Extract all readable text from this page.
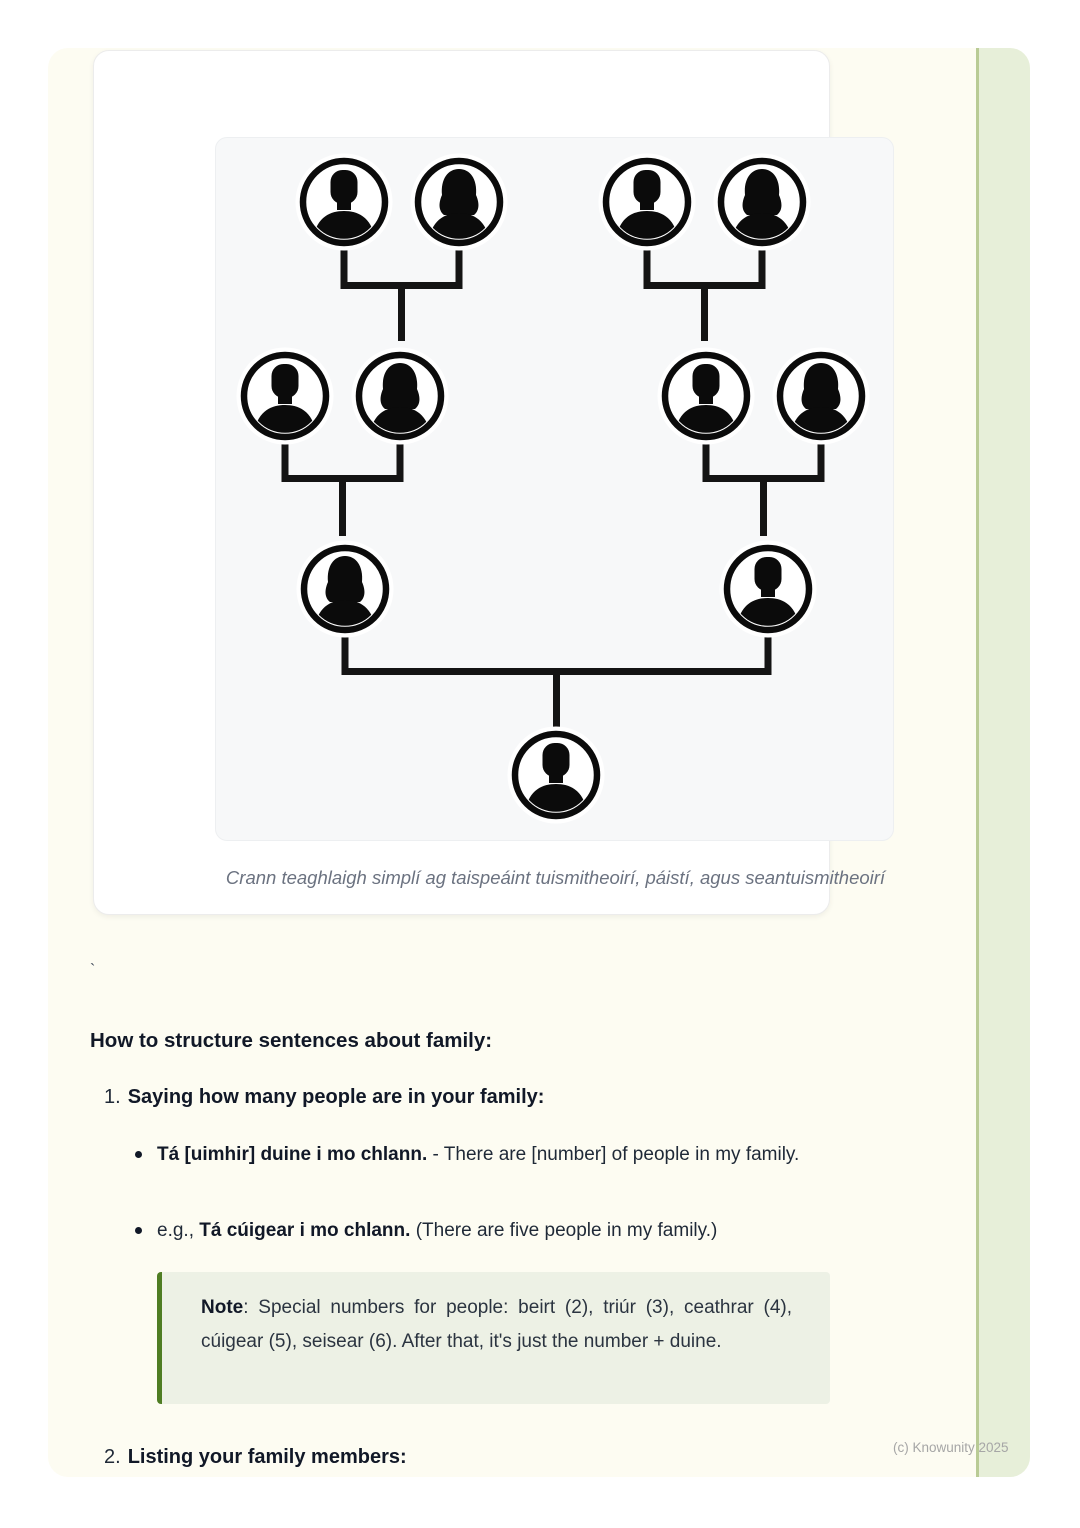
Crann teaghlaigh simplí ag taispeáint tuismitheoirí, páistí, agus seantuismitheoirí
`
How to structure sentences about family:
1. Saying how many people are in your family:
Tá [uimhir] duine i mo chlann. - There are [number] of people in my family.
e.g., Tá cúigear i mo chlann. (There are five people in my family.)
Note: Special numbers for people: beirt (2), triúr (3), ceathrar (4), cúigear (5), seisear (6). After that, it's just the number + duine.
2. Listing your family members:	(c) Knowunity 2025
